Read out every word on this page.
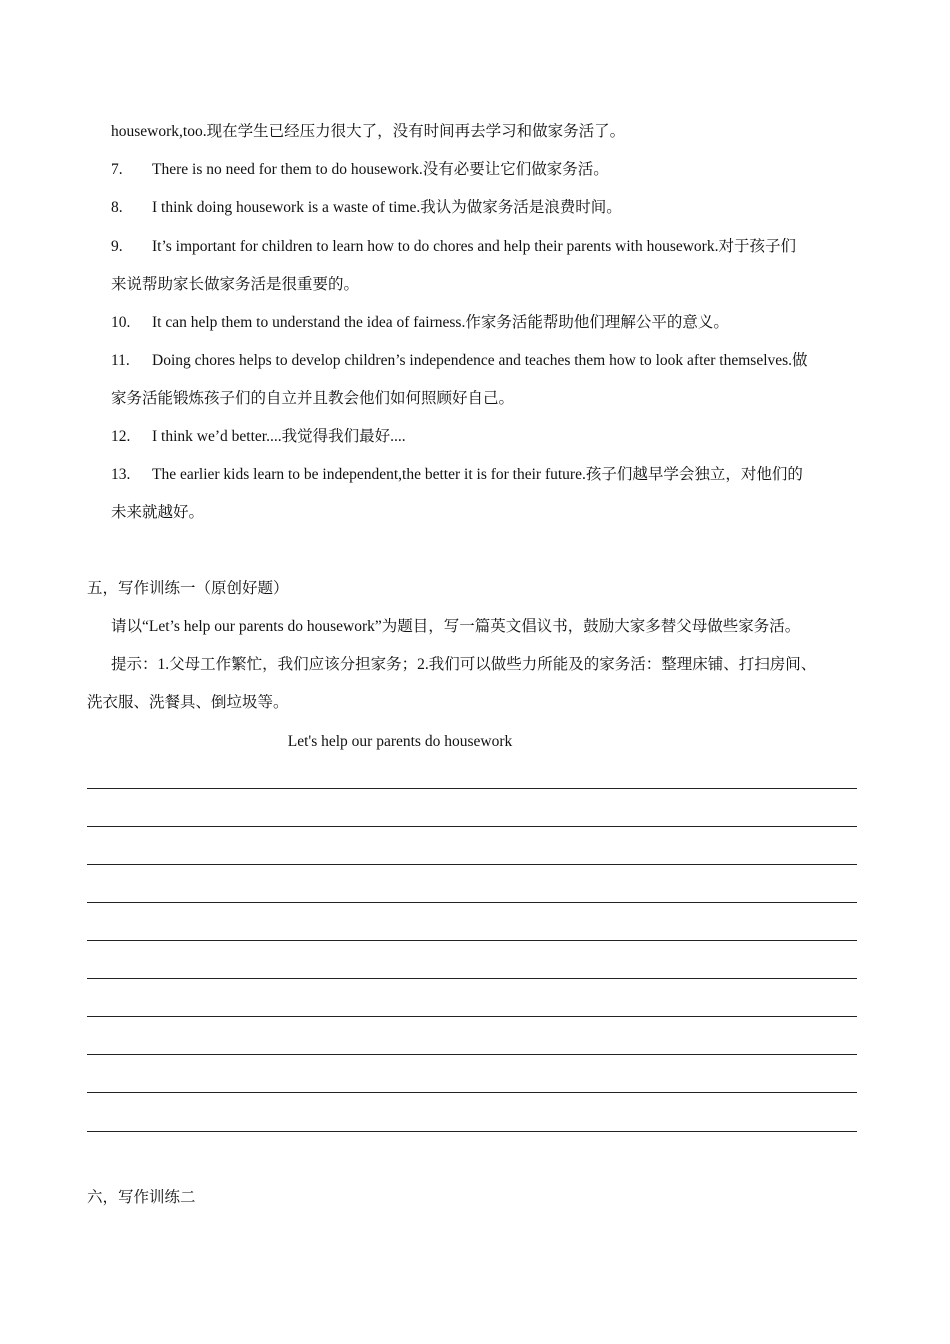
housework,too.现在学生已经压力很大了，没有时间再去学习和做家务活了。
7. There is no need for them to do housework.没有必要让它们做家务活。
8. I think doing housework is a waste of time.我认为做家务活是浪费时间。
9. It’s important for children to learn how to do chores and help their parents with housework.对于孩子们
来说帮助家长做家务活是很重要的。
10. It can help them to understand the idea of fairness.作家务活能帮助他们理解公平的意义。
11. Doing chores helps to develop children’s independence and teaches them how to look after themselves.做
家务活能锻炼孩子们的自立并且教会他们如何照顾好自己。
12. I think we’d better....我觉得我们最好....
13. The earlier kids learn to be independent,the better it is for their future.孩子们越早学会独立，对他们的
未来就越好。
五，写作训练一（原创好题）
请以“Let’s help our parents do housework”为题目，写一篇英文倡议书，鼓励大家多替父母做些家务活。
提示：1.父母工作繁忙，我们应该分担家务；2.我们可以做些力所能及的家务活：整理床铺、打扫房间、
洗衣服、洗餐具、倒垃圾等。
Let's help our parents do housework
六，写作训练二
